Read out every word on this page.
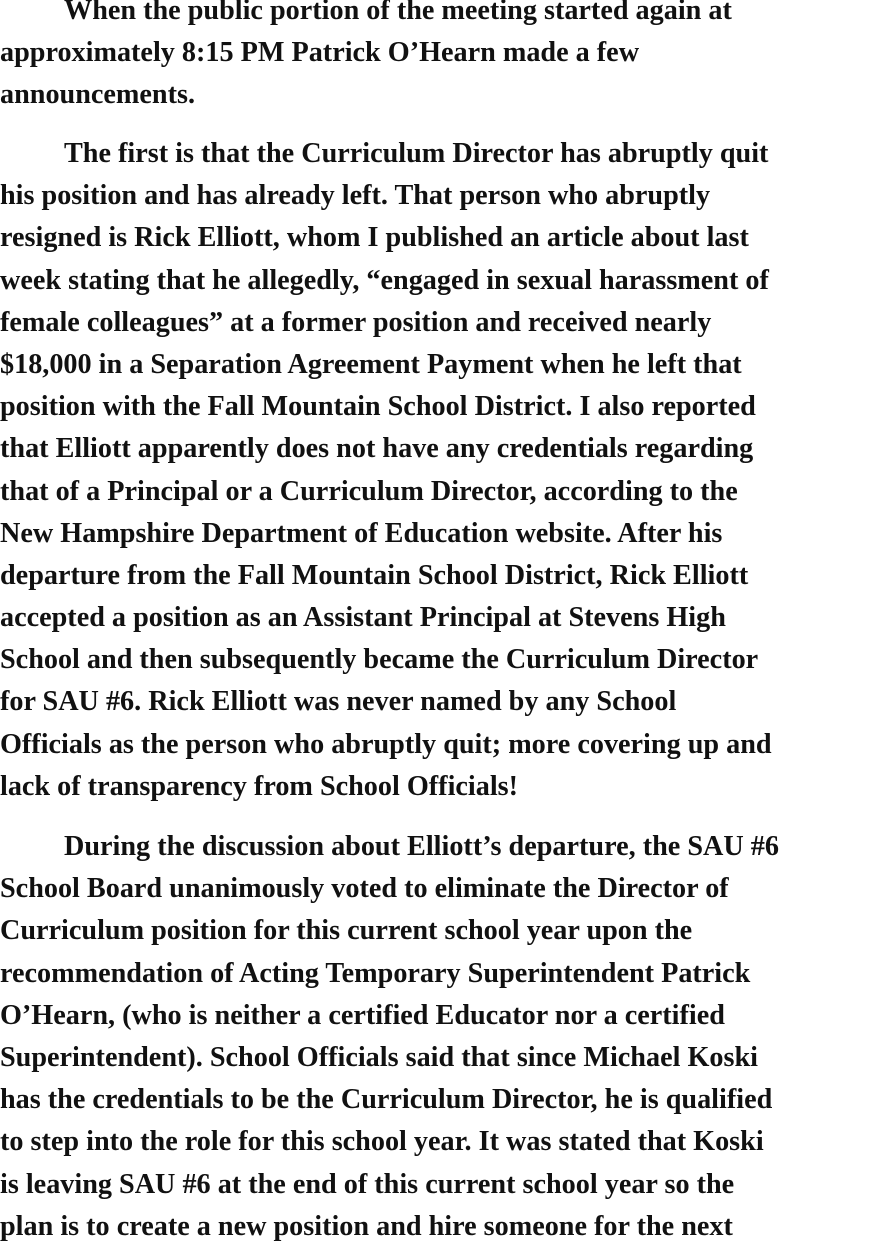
When the public portion of the meeting started again at
approximately 8:15 PM Patrick O’Hearn made a few
announcements.
The first is that the Curriculum Director has abruptly quit
his position and has already left. That person who abruptly
resigned is Rick Elliott, whom I published an article about last
week stating that he allegedly, “engaged in sexual harassment of
female colleagues” at a former position and received nearly
$18,000 in a Separation Agreement Payment when he left that
position with the Fall Mountain School District. I also reported
that Elliott apparently does not have any credentials regarding
that of a Principal or a Curriculum Director, according to the
New Hampshire Department of Education website. After his
departure from the Fall Mountain School District, Rick Elliott
accepted a position as an Assistant Principal at Stevens High
School and then subsequently became the Curriculum Director
for SAU #6. Rick Elliott was never named by any School
Officials as the person who abruptly quit; more covering up and
lack of transparency from School Officials!
During the discussion about Elliott’s departure, the SAU #6
School Board unanimously voted to eliminate the Director of
Curriculum position for this current school year upon the
recommendation of Acting Temporary Superintendent Patrick
O’Hearn, (who is neither a certified Educator nor a certified
Superintendent). School Officials said that since Michael Koski
has the credentials to be the Curriculum Director, he is qualified
to step into the role for this school year. It was stated that Koski
is leaving SAU #6 at the end of this current school year so the
plan is to create a new position and hire someone for the next
